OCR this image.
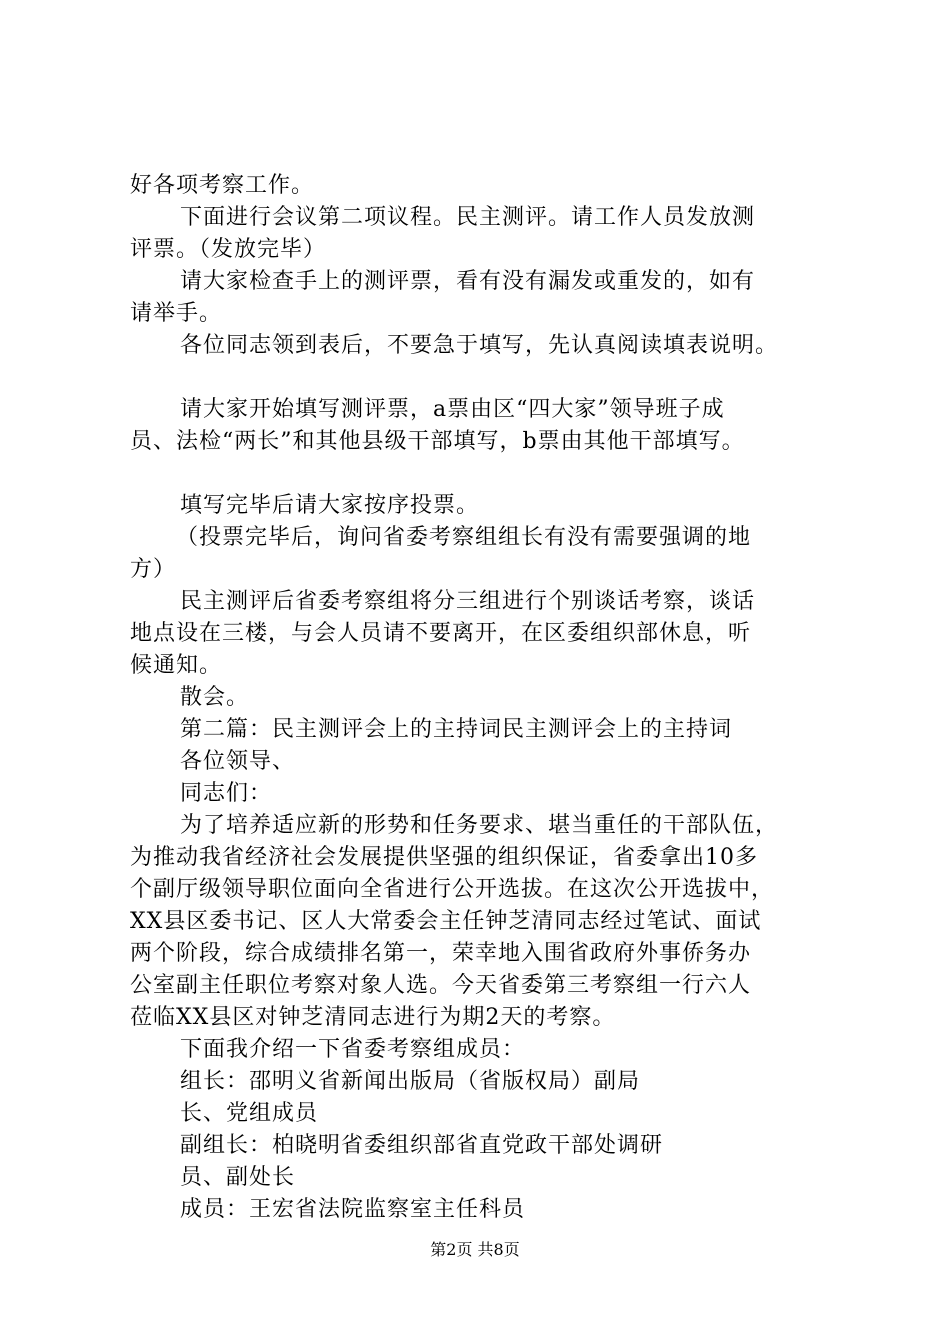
好各项考察工作。
下面进行会议第二项议程。民主测评。请工作人员发放测
评票。（发放完毕）
请大家检查手上的测评票，看有没有漏发或重发的，如有
请举手。
各位同志领到表后，不要急于填写，先认真阅读填表说明。
请大家开始填写测评票，a票由区“四大家”领导班子成
员、法检“两长”和其他县级干部填写，b票由其他干部填写。
填写完毕后请大家按序投票。
（投票完毕后，询问省委考察组组长有没有需要强调的地
方）
民主测评后省委考察组将分三组进行个别谈话考察，谈话
地点设在三楼，与会人员请不要离开，在区委组织部休息，听
候通知。
散会。
第二篇：民主测评会上的主持词民主测评会上的主持词
各位领导、
同志们：
为了培养适应新的形势和任务要求、堪当重任的干部队伍，
为推动我省经济社会发展提供坚强的组织保证，省委拿出10多
个副厅级领导职位面向全省进行公开选拔。在这次公开选拔中，
XX县区委书记、区人大常委会主任钟芝清同志经过笔试、面试
两个阶段，综合成绩排名第一，荣幸地入围省政府外事侨务办
公室副主任职位考察对象人选。今天省委第三考察组一行六人
莅临XX县区对钟芝清同志进行为期2天的考察。
下面我介绍一下省委考察组成员：
组长：邵明义省新闻出版局（省版权局）副局
长、党组成员
副组长：柏晓明省委组织部省直党政干部处调研
员、副处长
成员：王宏省法院监察室主任科员
第2页 共8页
